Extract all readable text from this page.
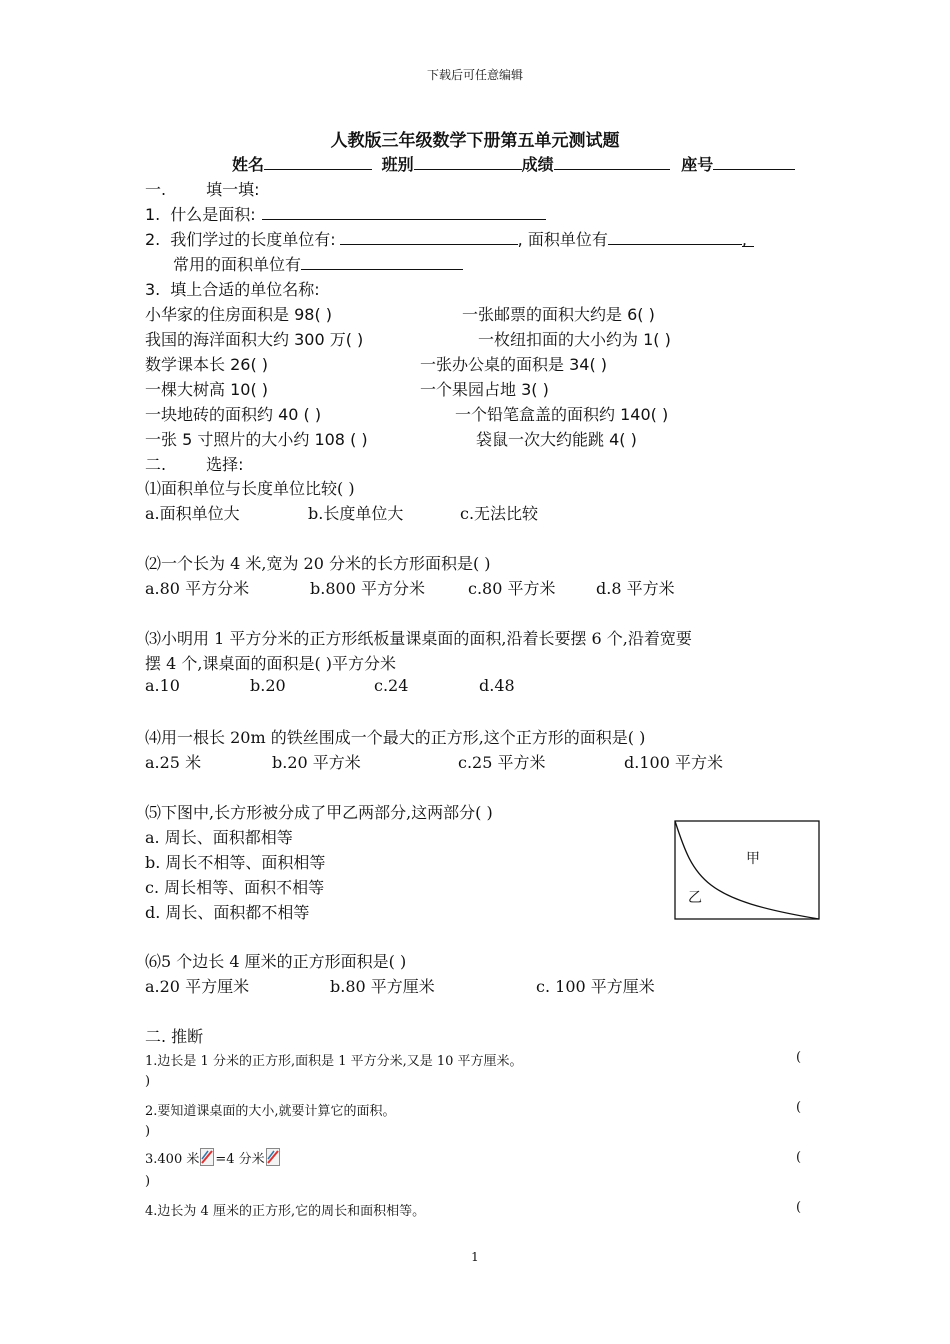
下载后可任意编辑
人教版三年级数学下册第五单元测试题
姓名	班别	成绩	座号
一.	填一填:
1. 什么是面积:
2. 我们学过的长度单位有:	, 面积单位有	,
常用的面积单位有
3. 填上合适的单位名称:
小华家的住房面积是 98( )	一张邮票的面积大约是 6( )
我国的海洋面积大约 300 万( )	一枚纽扣面的大小约为 1( )
数学课本长 26( )	一张办公桌的面积是 34( )
一棵大树高 10( )	一个果园占地 3( )
一块地砖的面积约 40 ( )	一个铅笔盒盖的面积约 140( )
一张 5 寸照片的大小约 108 ( )	袋鼠一次大约能跳 4( )
二.	选择:
⑴面积单位与长度单位比较( )
a.面积单位大	b.长度单位大	c.无法比较
⑵一个长为 4 米,宽为 20 分米的长方形面积是( )
a.80 平方分米	b.800 平方分米	c.80 平方米	d.8 平方米
⑶小明用 1 平方分米的正方形纸板量课桌面的面积,沿着长要摆 6 个,沿着宽要
摆 4 个,课桌面的面积是( )平方分米
a.10	b.20	c.24	d.48
⑷用一根长 20m 的铁丝围成一个最大的正方形,这个正方形的面积是( )
a.25 米	b.20 平方米	c.25 平方米	d.100 平方米
⑸下图中,长方形被分成了甲乙两部分,这两部分( )
a. 周长、面积都相等
b. 周长不相等、面积相等
c. 周长相等、面积不相等
d. 周长、面积都不相等
甲
乙
⑹5 个边长 4 厘米的正方形面积是( )
a.20 平方厘米	b.80 平方厘米	c. 100 平方厘米
二. 推断
1.边长是 1 分米的正方形,面积是 1 平方分米,又是 10 平方厘米。	(
)
2.要知道课桌面的大小,就要计算它的面积。	(
)
3.400 米 =4 分米	(
)
4.边长为 4 厘米的正方形,它的周长和面积相等。	(
1
